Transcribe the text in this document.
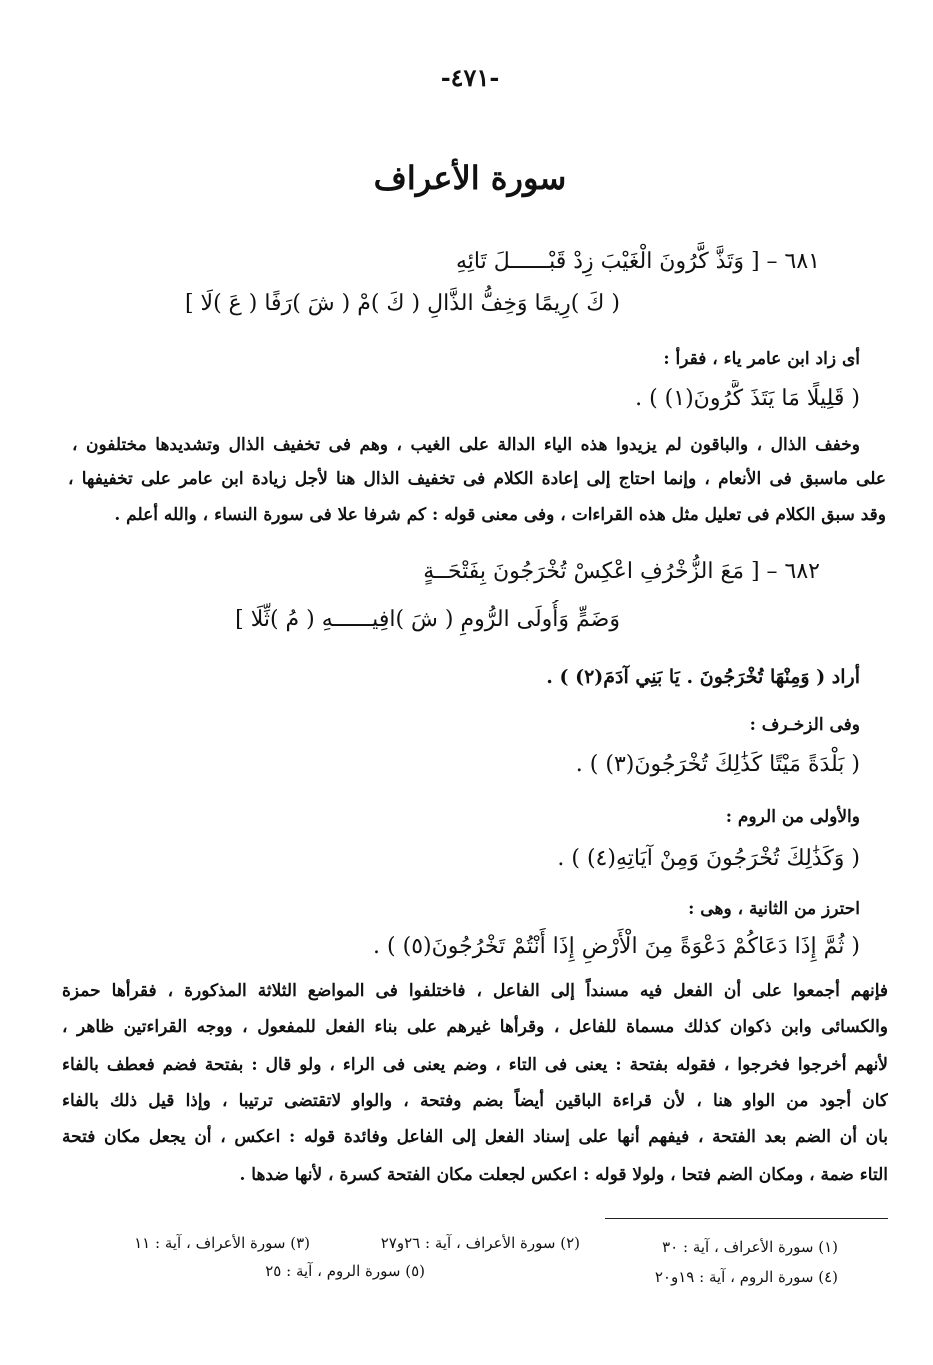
-٤٧١-
سورة الأعراف
٦٨١ – [ وَتَذَّ كَّرُونَ الْغَيْبَ زِدْ قَبْــــــلَ تَائِهِ
( كَ )رِيمًا وَخِفُّ الذَّالِ ( كَ )مْ ( شَ )رَفًا ( عَ )لَا ]
أى زاد ابن عامر ياء ، فقرأ :
( قَلِيلًا مَا يَتَذَ كَّرُونَ(١) ) .
وخفف الذال ، والباقون لم يزيدوا هذه الياء الدالة على الغيب ، وهم فى تخفيف الذال وتشديدها مختلفون ،
على ماسبق فى الأنعام ، وإنما احتاج إلى إعادة الكلام فى تخفيف الذال هنا لأجل زيادة ابن عامر على تخفيفها ،
وقد سبق الكلام فى تعليل مثل هذه القراءات ، وفى معنى قوله : كم شرفا علا فى سورة النساء ، والله أعلم .
٦٨٢ – [ مَعَ الزُّخْرُفِ اعْكِسْ تُخْرَجُونَ بِفَتْحَــةٍ
وَضَمٍّ وَأُولَى الرُّومِ ( شَ )افِيــــــهِ ( مُ )ثِّلَا ]
أراد ( وَمِنْهَا تُخْرَجُونَ . يَا بَنِي آدَمَ(٢) ) .
وفى الزخـرف :
( بَلْدَةً مَيْتًا كَذَٰلِكَ تُخْرَجُونَ(٣) ) .
والأولى من الروم :
( وَكَذَٰلِكَ تُخْرَجُونَ وَمِنْ آيَاتِهِ(٤) ) .
احترز من الثانية ، وهى :
( ثُمَّ إِذَا دَعَاكُمْ دَعْوَةً مِنَ الْأَرْضِ إِذَا أَنْتُمْ تَخْرُجُونَ(٥) ) .
فإنهم أجمعوا على أن الفعل فيه مسنداً إلى الفاعل ، فاختلفوا فى المواضع الثلاثة المذكورة ، فقرأها حمزة
والكسائى وابن ذكوان كذلك مسماة للفاعل ، وقرأها غيرهم على بناء الفعل للمفعول ، ووجه القراءتين ظاهر ،
لأنهم أخرجوا فخرجوا ، فقوله بفتحة : يعنى فى التاء ، وضم يعنى فى الراء ، ولو قال : بفتحة فضم فعطف بالفاء
كان أجود من الواو هنا ، لأن قراءة الباقين أيضاً بضم وفتحة ، والواو لاتقتضى ترتيبا ، وإذا قيل ذلك بالفاء
بان أن الضم بعد الفتحة ، فيفهم أنها على إسناد الفعل إلى الفاعل وفائدة قوله : اعكس ، أن يجعل مكان فتحة
التاء ضمة ، ومكان الضم فتحا ، ولولا قوله : اعكس لجعلت مكان الفتحة كسرة ، لأنها ضدها .
(١) سورة الأعراف ، آية : ٣٠
(٢) سورة الأعراف ، آية : ٢٦و٢٧
(٣) سورة الأعراف ، آية : ١١
(٤) سورة الروم ، آية : ١٩و٢٠
(٥) سورة الروم ، آية : ٢٥
